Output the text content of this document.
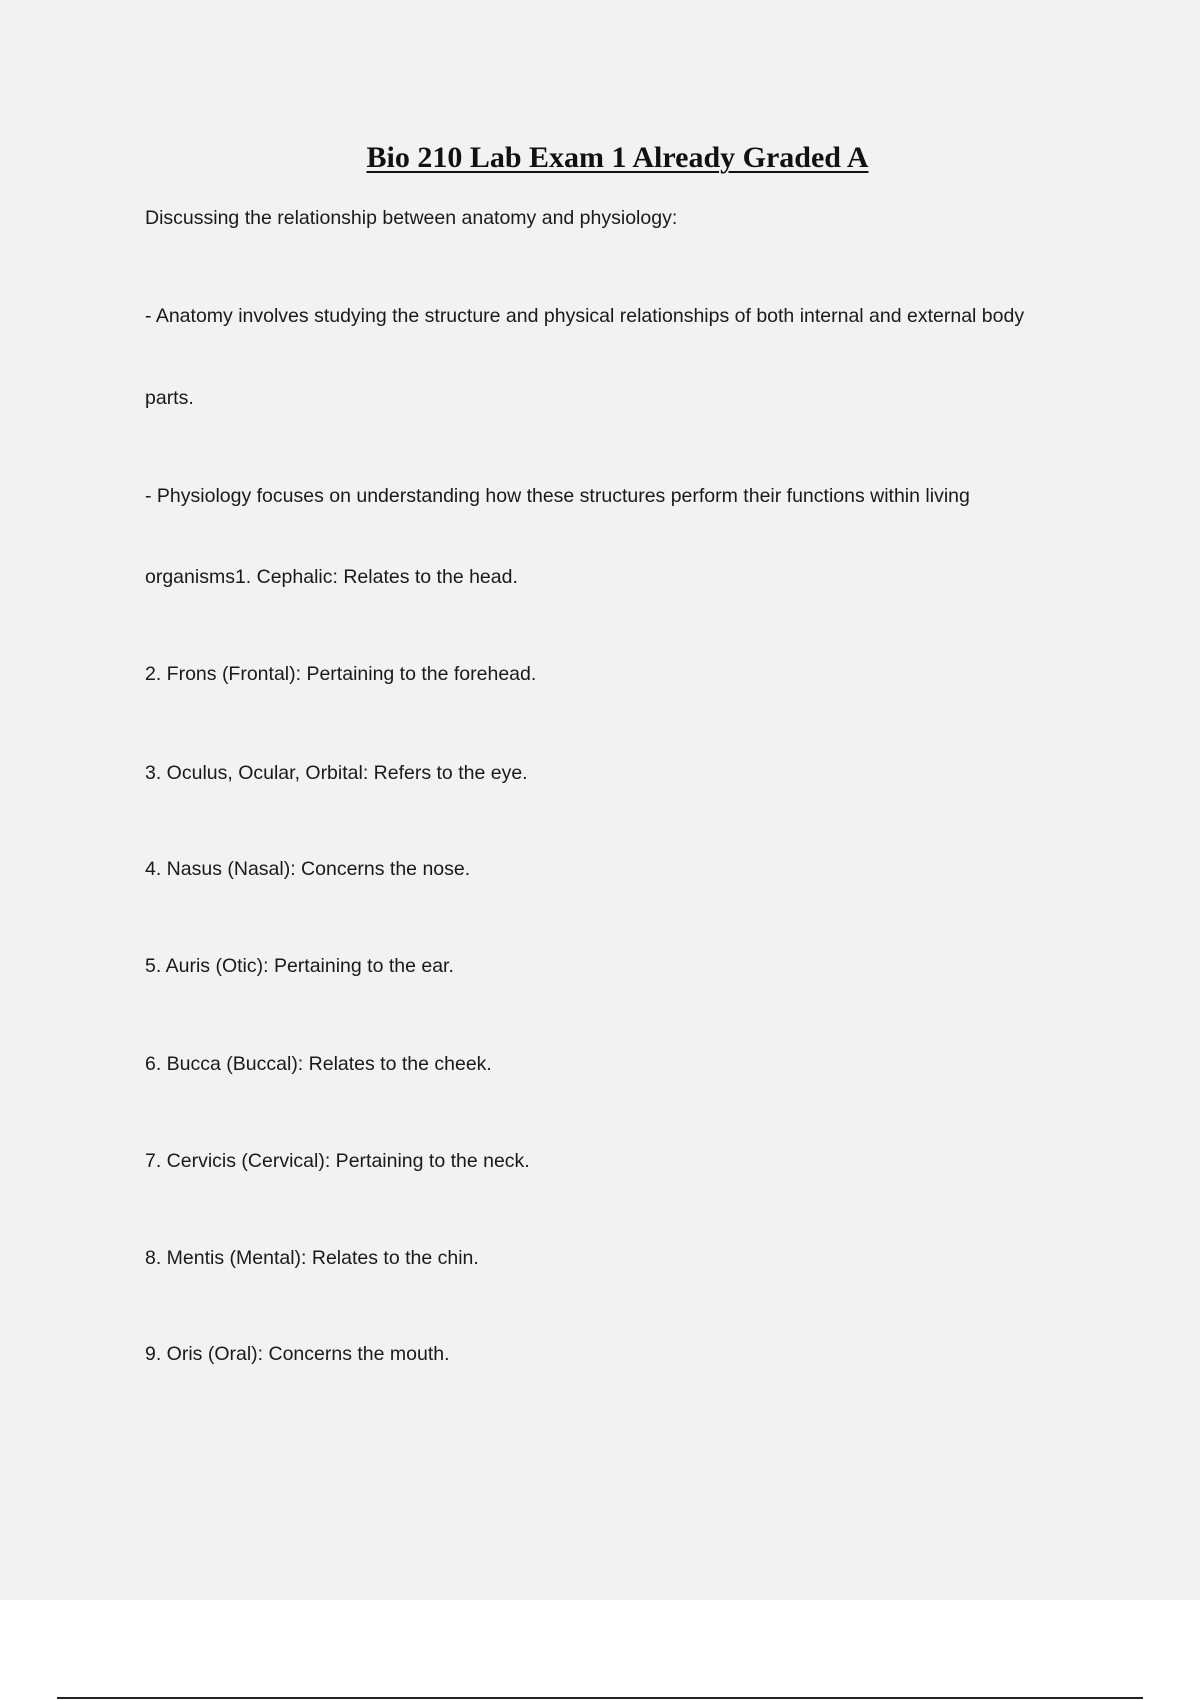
Bio 210 Lab Exam 1 Already Graded A

Discussing the relationship between anatomy and physiology:

- Anatomy involves studying the structure and physical relationships of both internal and external body

parts.

- Physiology focuses on understanding how these structures perform their functions within living

organisms1. Cephalic: Relates to the head.

2. Frons (Frontal): Pertaining to the forehead.

3. Oculus, Ocular, Orbital: Refers to the eye.

4. Nasus (Nasal): Concerns the nose.

5. Auris (Otic): Pertaining to the ear.

6. Bucca (Buccal): Relates to the cheek.

7. Cervicis (Cervical): Pertaining to the neck.

8. Mentis (Mental): Relates to the chin.

9. Oris (Oral): Concerns the mouth.
